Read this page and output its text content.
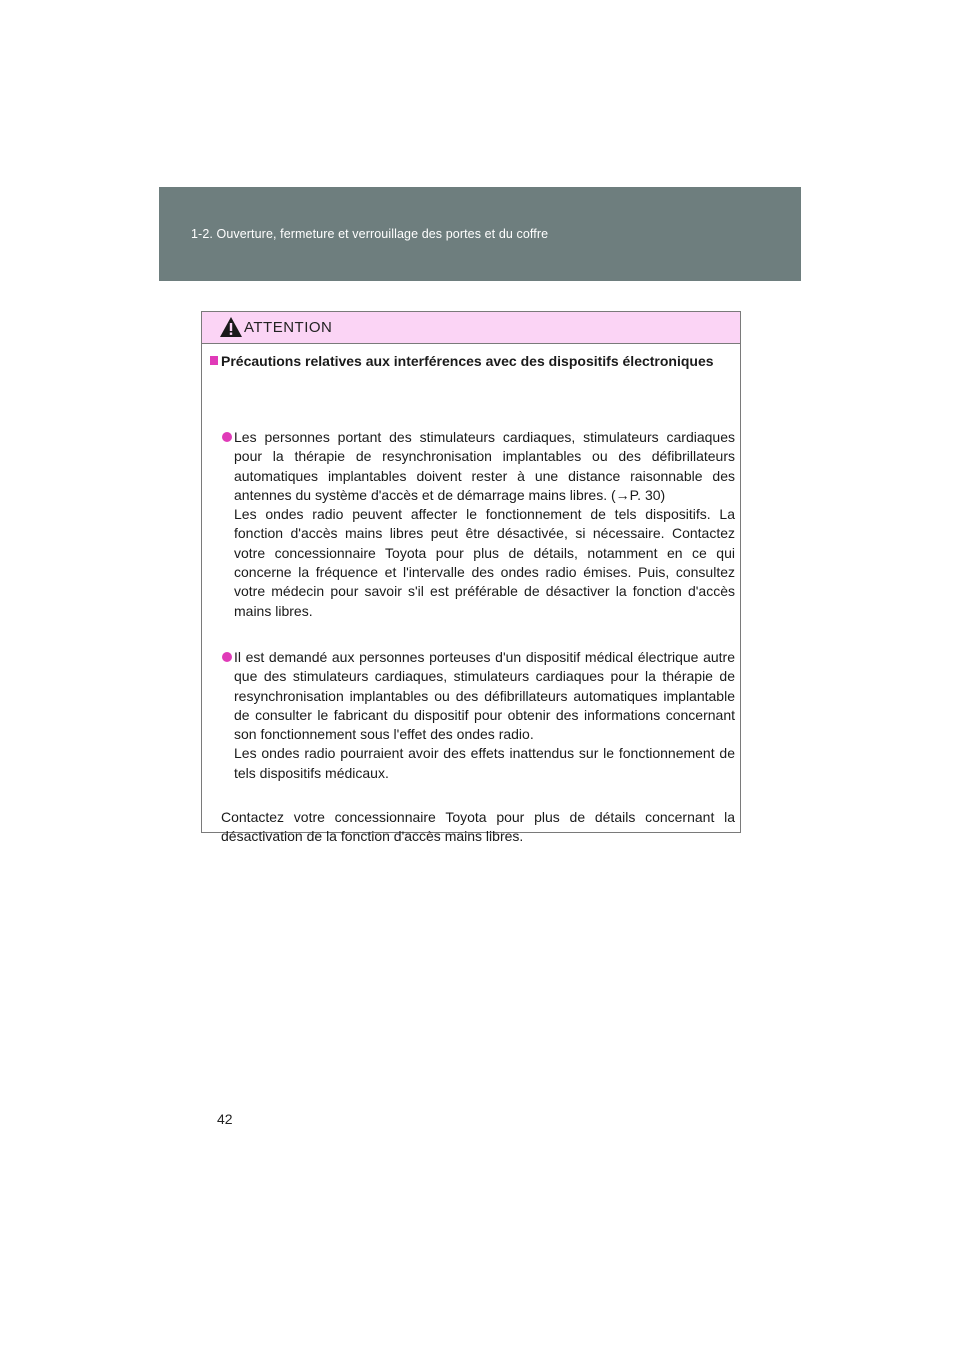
1-2. Ouverture, fermeture et verrouillage des portes et du coffre
ATTENTION

Précautions relatives aux interférences avec des dispositifs électroniques

Les personnes portant des stimulateurs cardiaques, stimulateurs cardiaques pour la thérapie de resynchronisation implantables ou des défibrillateurs automatiques implantables doivent rester à une distance raisonnable des antennes du système d'accès et de démarrage mains libres. (→P. 30)

Les ondes radio peuvent affecter le fonctionnement de tels dispositifs. La fonction d'accès mains libres peut être désactivée, si nécessaire. Contactez votre concessionnaire Toyota pour plus de détails, notamment en ce qui concerne la fréquence et l'intervalle des ondes radio émises. Puis, consultez votre médecin pour savoir s'il est préférable de désactiver la fonction d'accès mains libres.

Il est demandé aux personnes porteuses d'un dispositif médical électrique autre que des stimulateurs cardiaques, stimulateurs cardiaques pour la thérapie de resynchronisation implantables ou des défibrillateurs automatiques implantable de consulter le fabricant du dispositif pour obtenir des informations concernant son fonctionnement sous l'effet des ondes radio.

Les ondes radio pourraient avoir des effets inattendus sur le fonctionnement de tels dispositifs médicaux.

Contactez votre concessionnaire Toyota pour plus de détails concernant la désactivation de la fonction d'accès mains libres.

42
